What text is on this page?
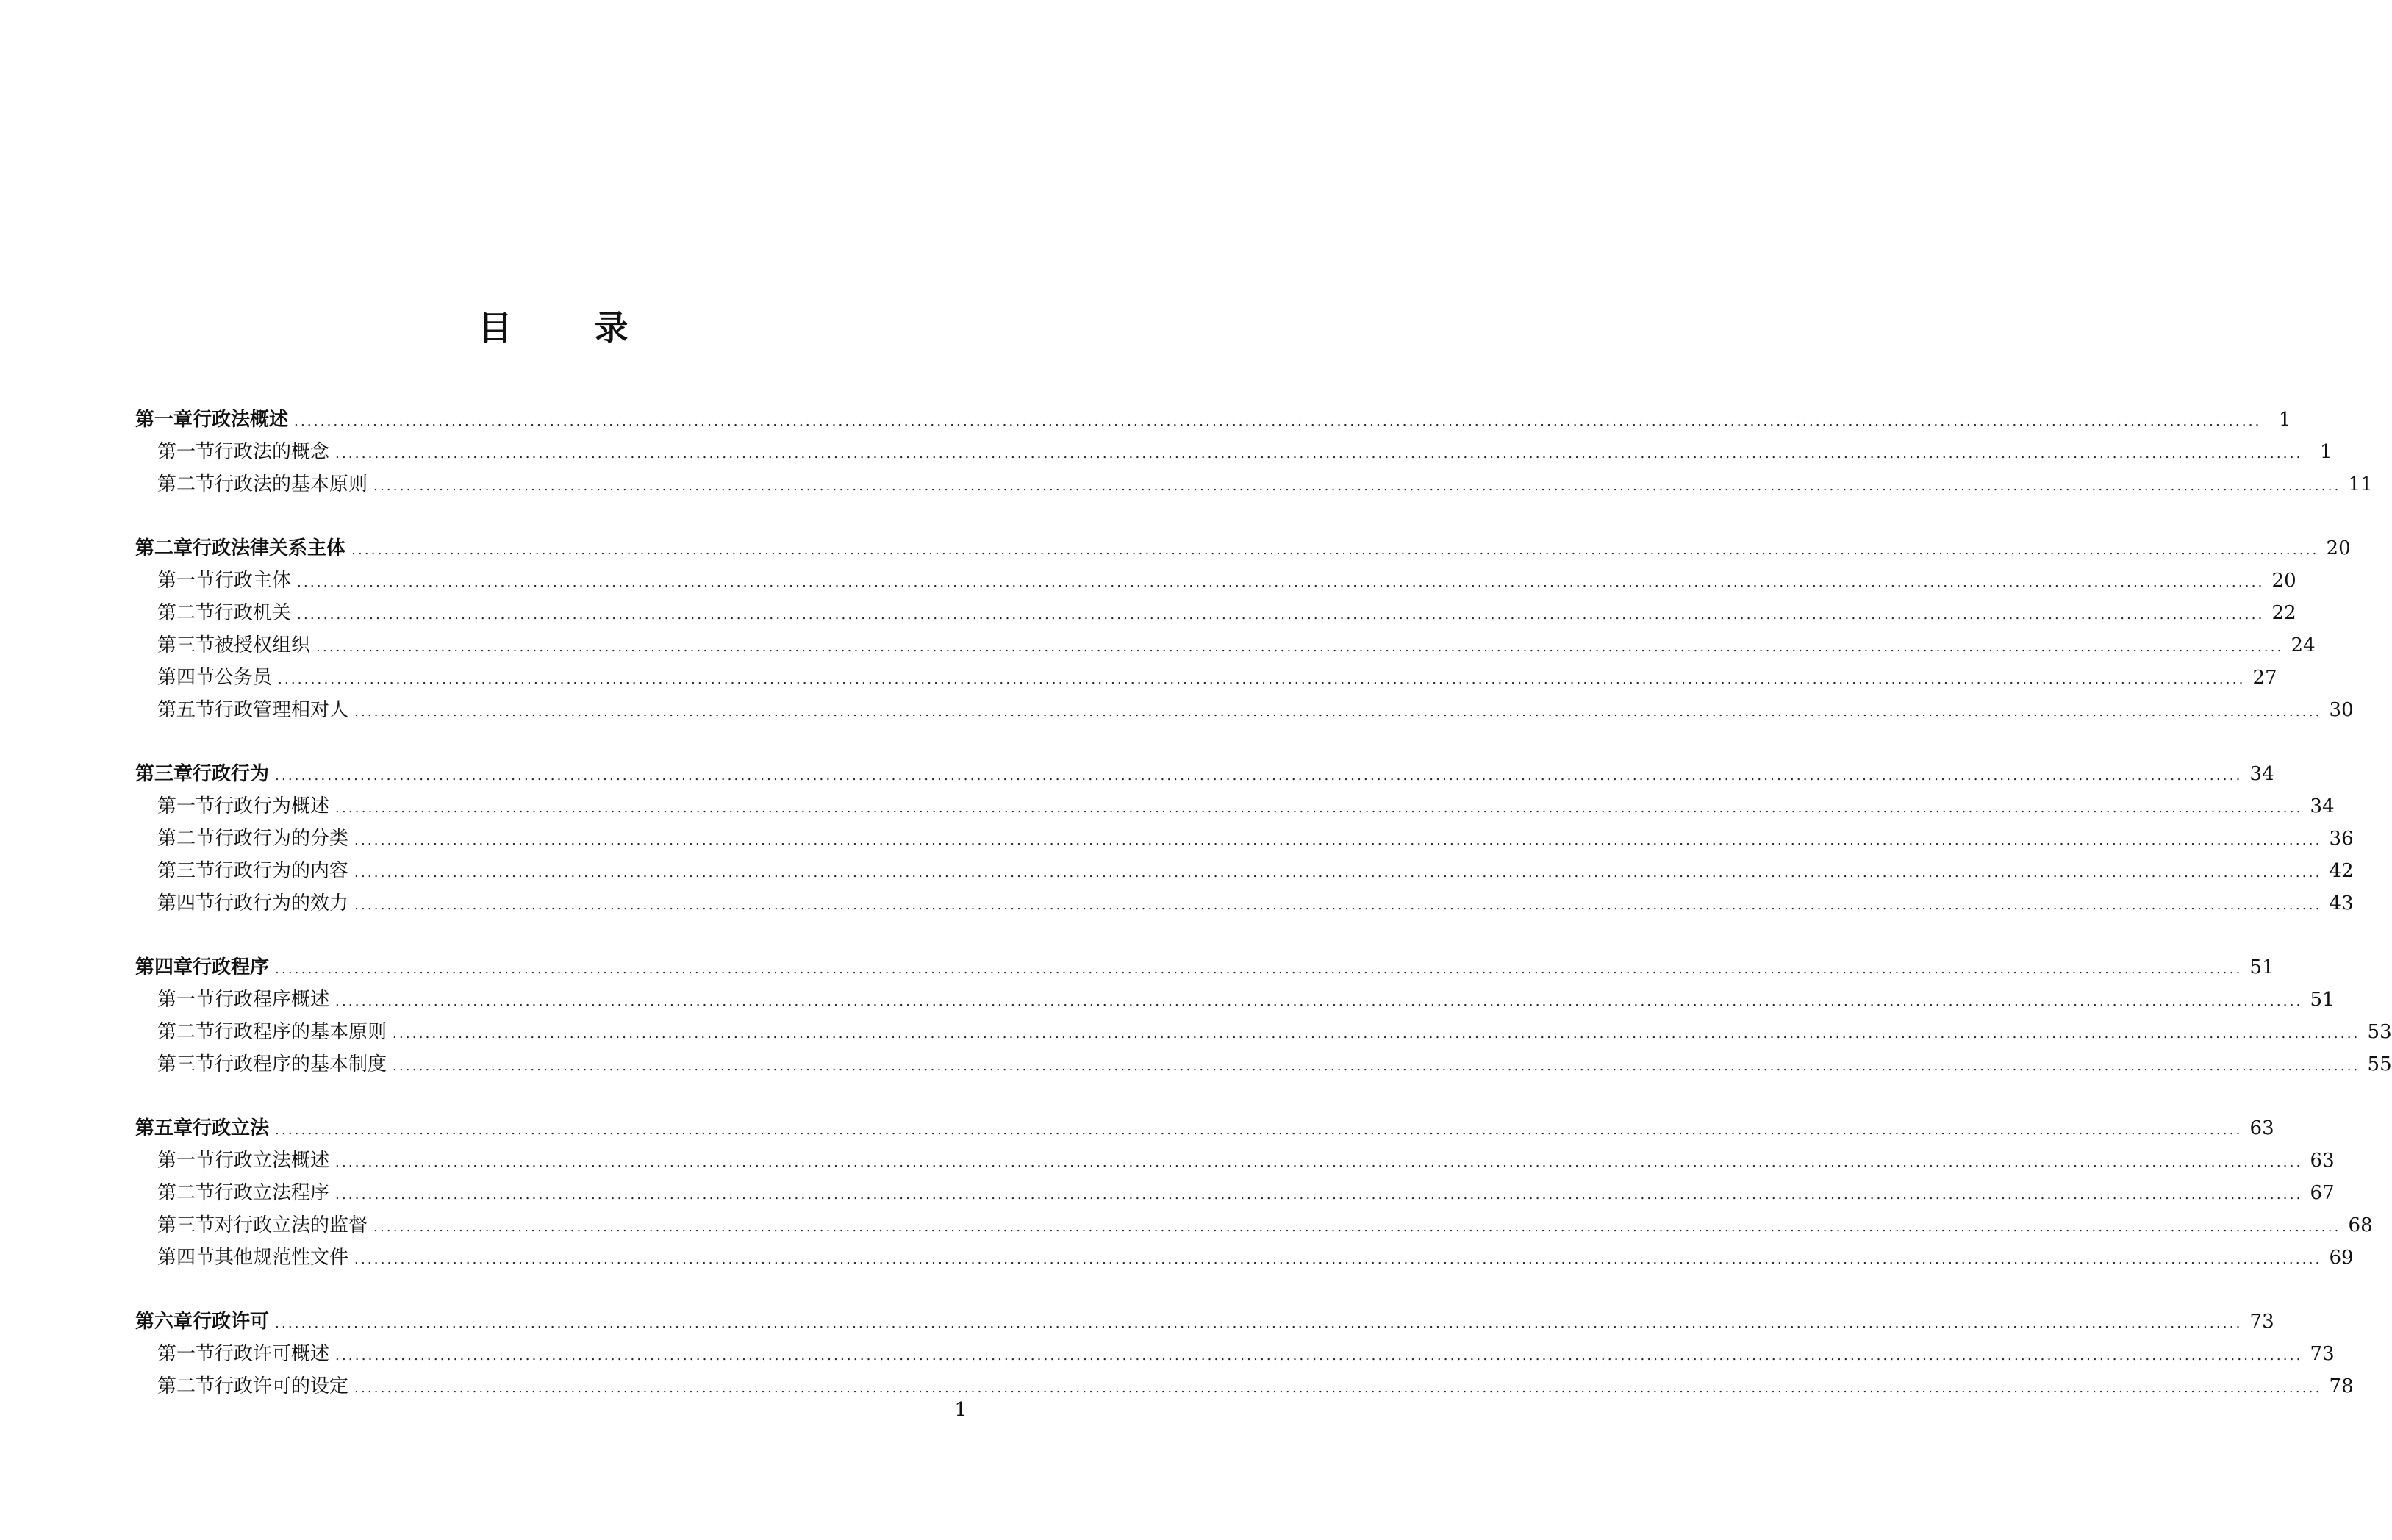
目 录
第一章 行政法概述 ............................................................................................................................................................................................................................................................................................................ 1
第一节 行政法的概念 ............................................................................................................................................................................................................................................................................................................ 1
第二节 行政法的基本原则 ............................................................................................................................................................................................................................................................................................................ 11
第二章 行政法律关系主体 ............................................................................................................................................................................................................................................................................................................ 20
第一节 行政主体 ............................................................................................................................................................................................................................................................................................................ 20
第二节 行政机关 ............................................................................................................................................................................................................................................................................................................ 22
第三节 被授权组织 ............................................................................................................................................................................................................................................................................................................ 24
第四节 公务员 ............................................................................................................................................................................................................................................................................................................ 27
第五节 行政管理相对人 ............................................................................................................................................................................................................................................................................................................ 30
第三章 行政行为 ............................................................................................................................................................................................................................................................................................................ 34
第一节 行政行为概述 ............................................................................................................................................................................................................................................................................................................ 34
第二节 行政行为的分类 ............................................................................................................................................................................................................................................................................................................ 36
第三节 行政行为的内容 ............................................................................................................................................................................................................................................................................................................ 42
第四节 行政行为的效力 ............................................................................................................................................................................................................................................................................................................ 43
第四章 行政程序 ............................................................................................................................................................................................................................................................................................................ 51
第一节 行政程序概述 ............................................................................................................................................................................................................................................................................................................ 51
第二节 行政程序的基本原则 ............................................................................................................................................................................................................................................................................................................ 53
第三节 行政程序的基本制度 ............................................................................................................................................................................................................................................................................................................ 55
第五章 行政立法 ............................................................................................................................................................................................................................................................................................................ 63
第一节 行政立法概述 ............................................................................................................................................................................................................................................................................................................ 63
第二节 行政立法程序 ............................................................................................................................................................................................................................................................................................................ 67
第三节 对行政立法的监督 ............................................................................................................................................................................................................................................................................................................ 68
第四节 其他规范性文件 ............................................................................................................................................................................................................................................................................................................ 69
第六章 行政许可 ............................................................................................................................................................................................................................................................................................................ 73
第一节 行政许可概述 ............................................................................................................................................................................................................................................................................................................ 73
第二节 行政许可的设定 ............................................................................................................................................................................................................................................................................................................ 78
1
